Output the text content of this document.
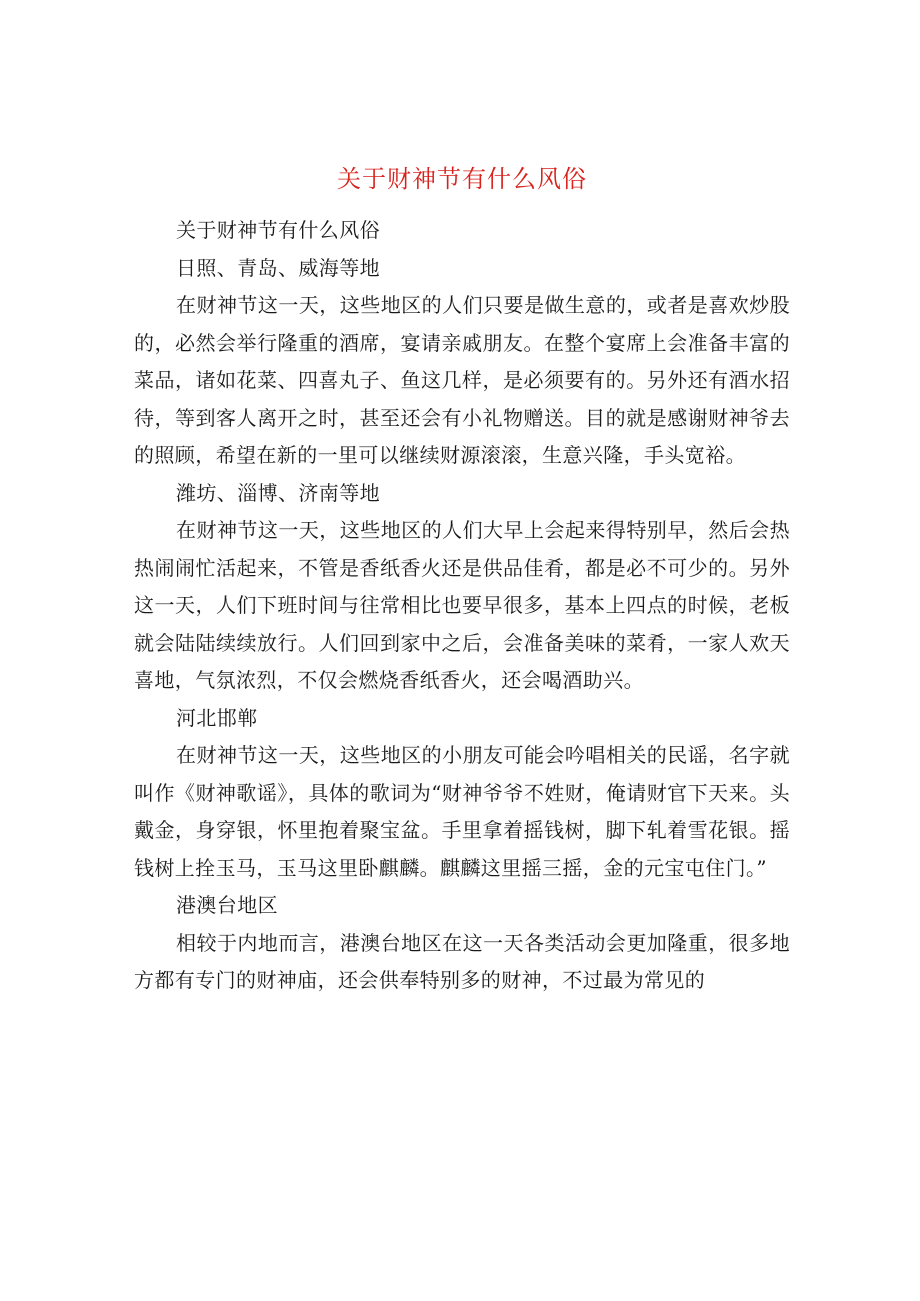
关于财神节有什么风俗

关于财神节有什么风俗

日照、青岛、威海等地

在财神节这一天，这些地区的人们只要是做生意的，或者是喜欢炒股的，必然会举行隆重的酒席，宴请亲戚朋友。在整个宴席上会准备丰富的菜品，诸如花菜、四喜丸子、鱼这几样，是必须要有的。另外还有酒水招待，等到客人离开之时，甚至还会有小礼物赠送。目的就是感谢财神爷去的照顾，希望在新的一里可以继续财源滚滚，生意兴隆，手头宽裕。

潍坊、淄博、济南等地

在财神节这一天，这些地区的人们大早上会起来得特别早，然后会热热闹闹忙活起来，不管是香纸香火还是供品佳肴，都是必不可少的。另外这一天，人们下班时间与往常相比也要早很多，基本上四点的时候，老板就会陆陆续续放行。人们回到家中之后，会准备美味的菜肴，一家人欢天喜地，气氛浓烈，不仅会燃烧香纸香火，还会喝酒助兴。

河北邯郸

在财神节这一天，这些地区的小朋友可能会吟唱相关的民谣，名字就叫作《财神歌谣》，具体的歌词为“财神爷爷不姓财，俺请财官下天来。头戴金，身穿银，怀里抱着聚宝盆。手里拿着摇钱树，脚下轧着雪花银。摇钱树上拴玉马，玉马这里卧麒麟。麒麟这里摇三摇，金的元宝屯住门。”

港澳台地区

相较于内地而言，港澳台地区在这一天各类活动会更加隆重，很多地方都有专门的财神庙，还会供奉特别多的财神，不过最为常见的
